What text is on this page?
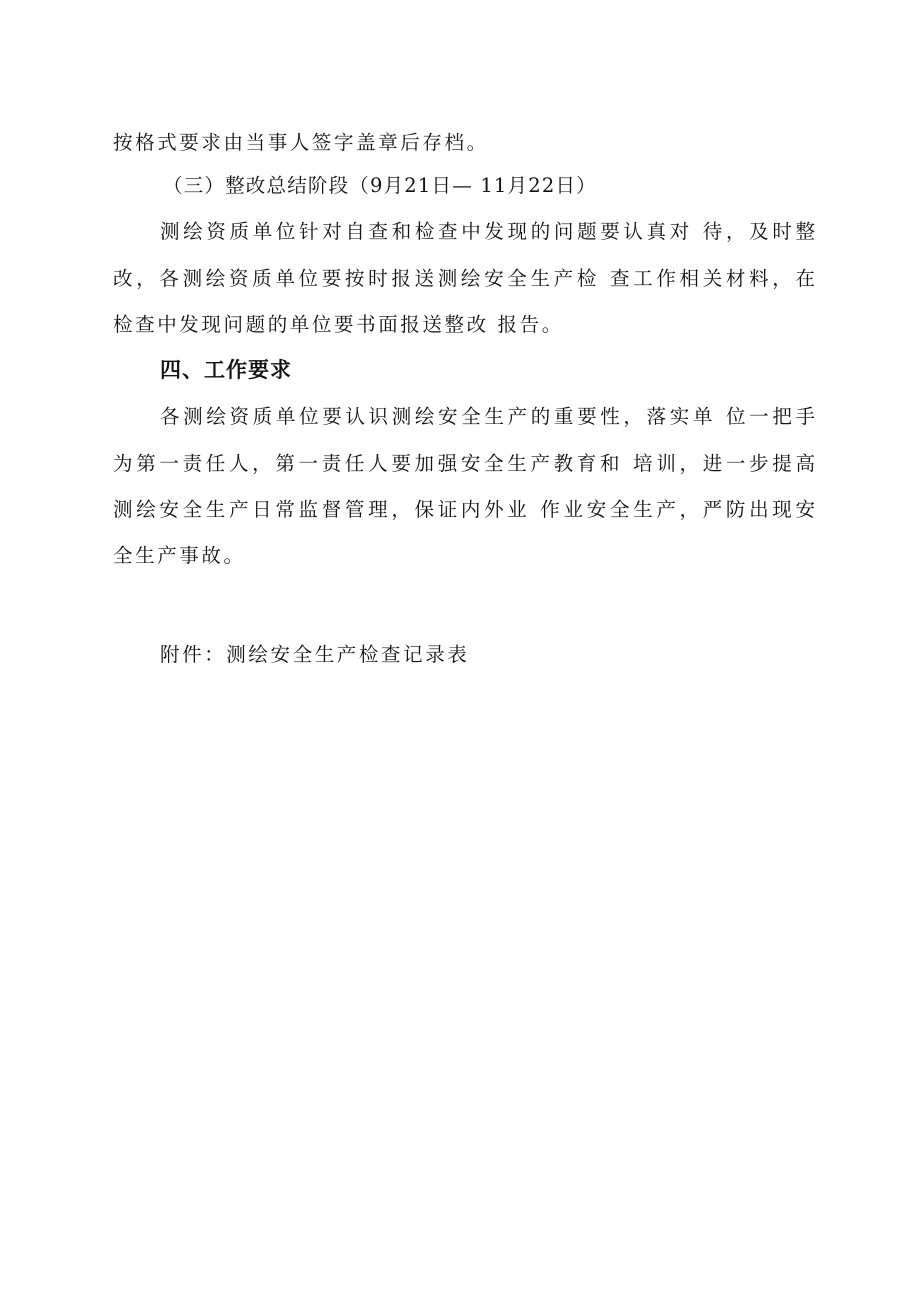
按格式要求由当事人签字盖章后存档。
（三）整改总结阶段（9月21日— 11月22日）
测绘资质单位针对自查和检查中发现的问题要认真对 待，及时整
改，各测绘资质单位要按时报送测绘安全生产检 查工作相关材料，在
检查中发现问题的单位要书面报送整改 报告。
四、工作要求
各测绘资质单位要认识测绘安全生产的重要性，落实单 位一把手
为第一责任人，第一责任人要加强安全生产教育和 培训，进一步提高
测绘安全生产日常监督管理，保证内外业 作业安全生产，严防出现安
全生产事故。
附件：测绘安全生产检查记录表
